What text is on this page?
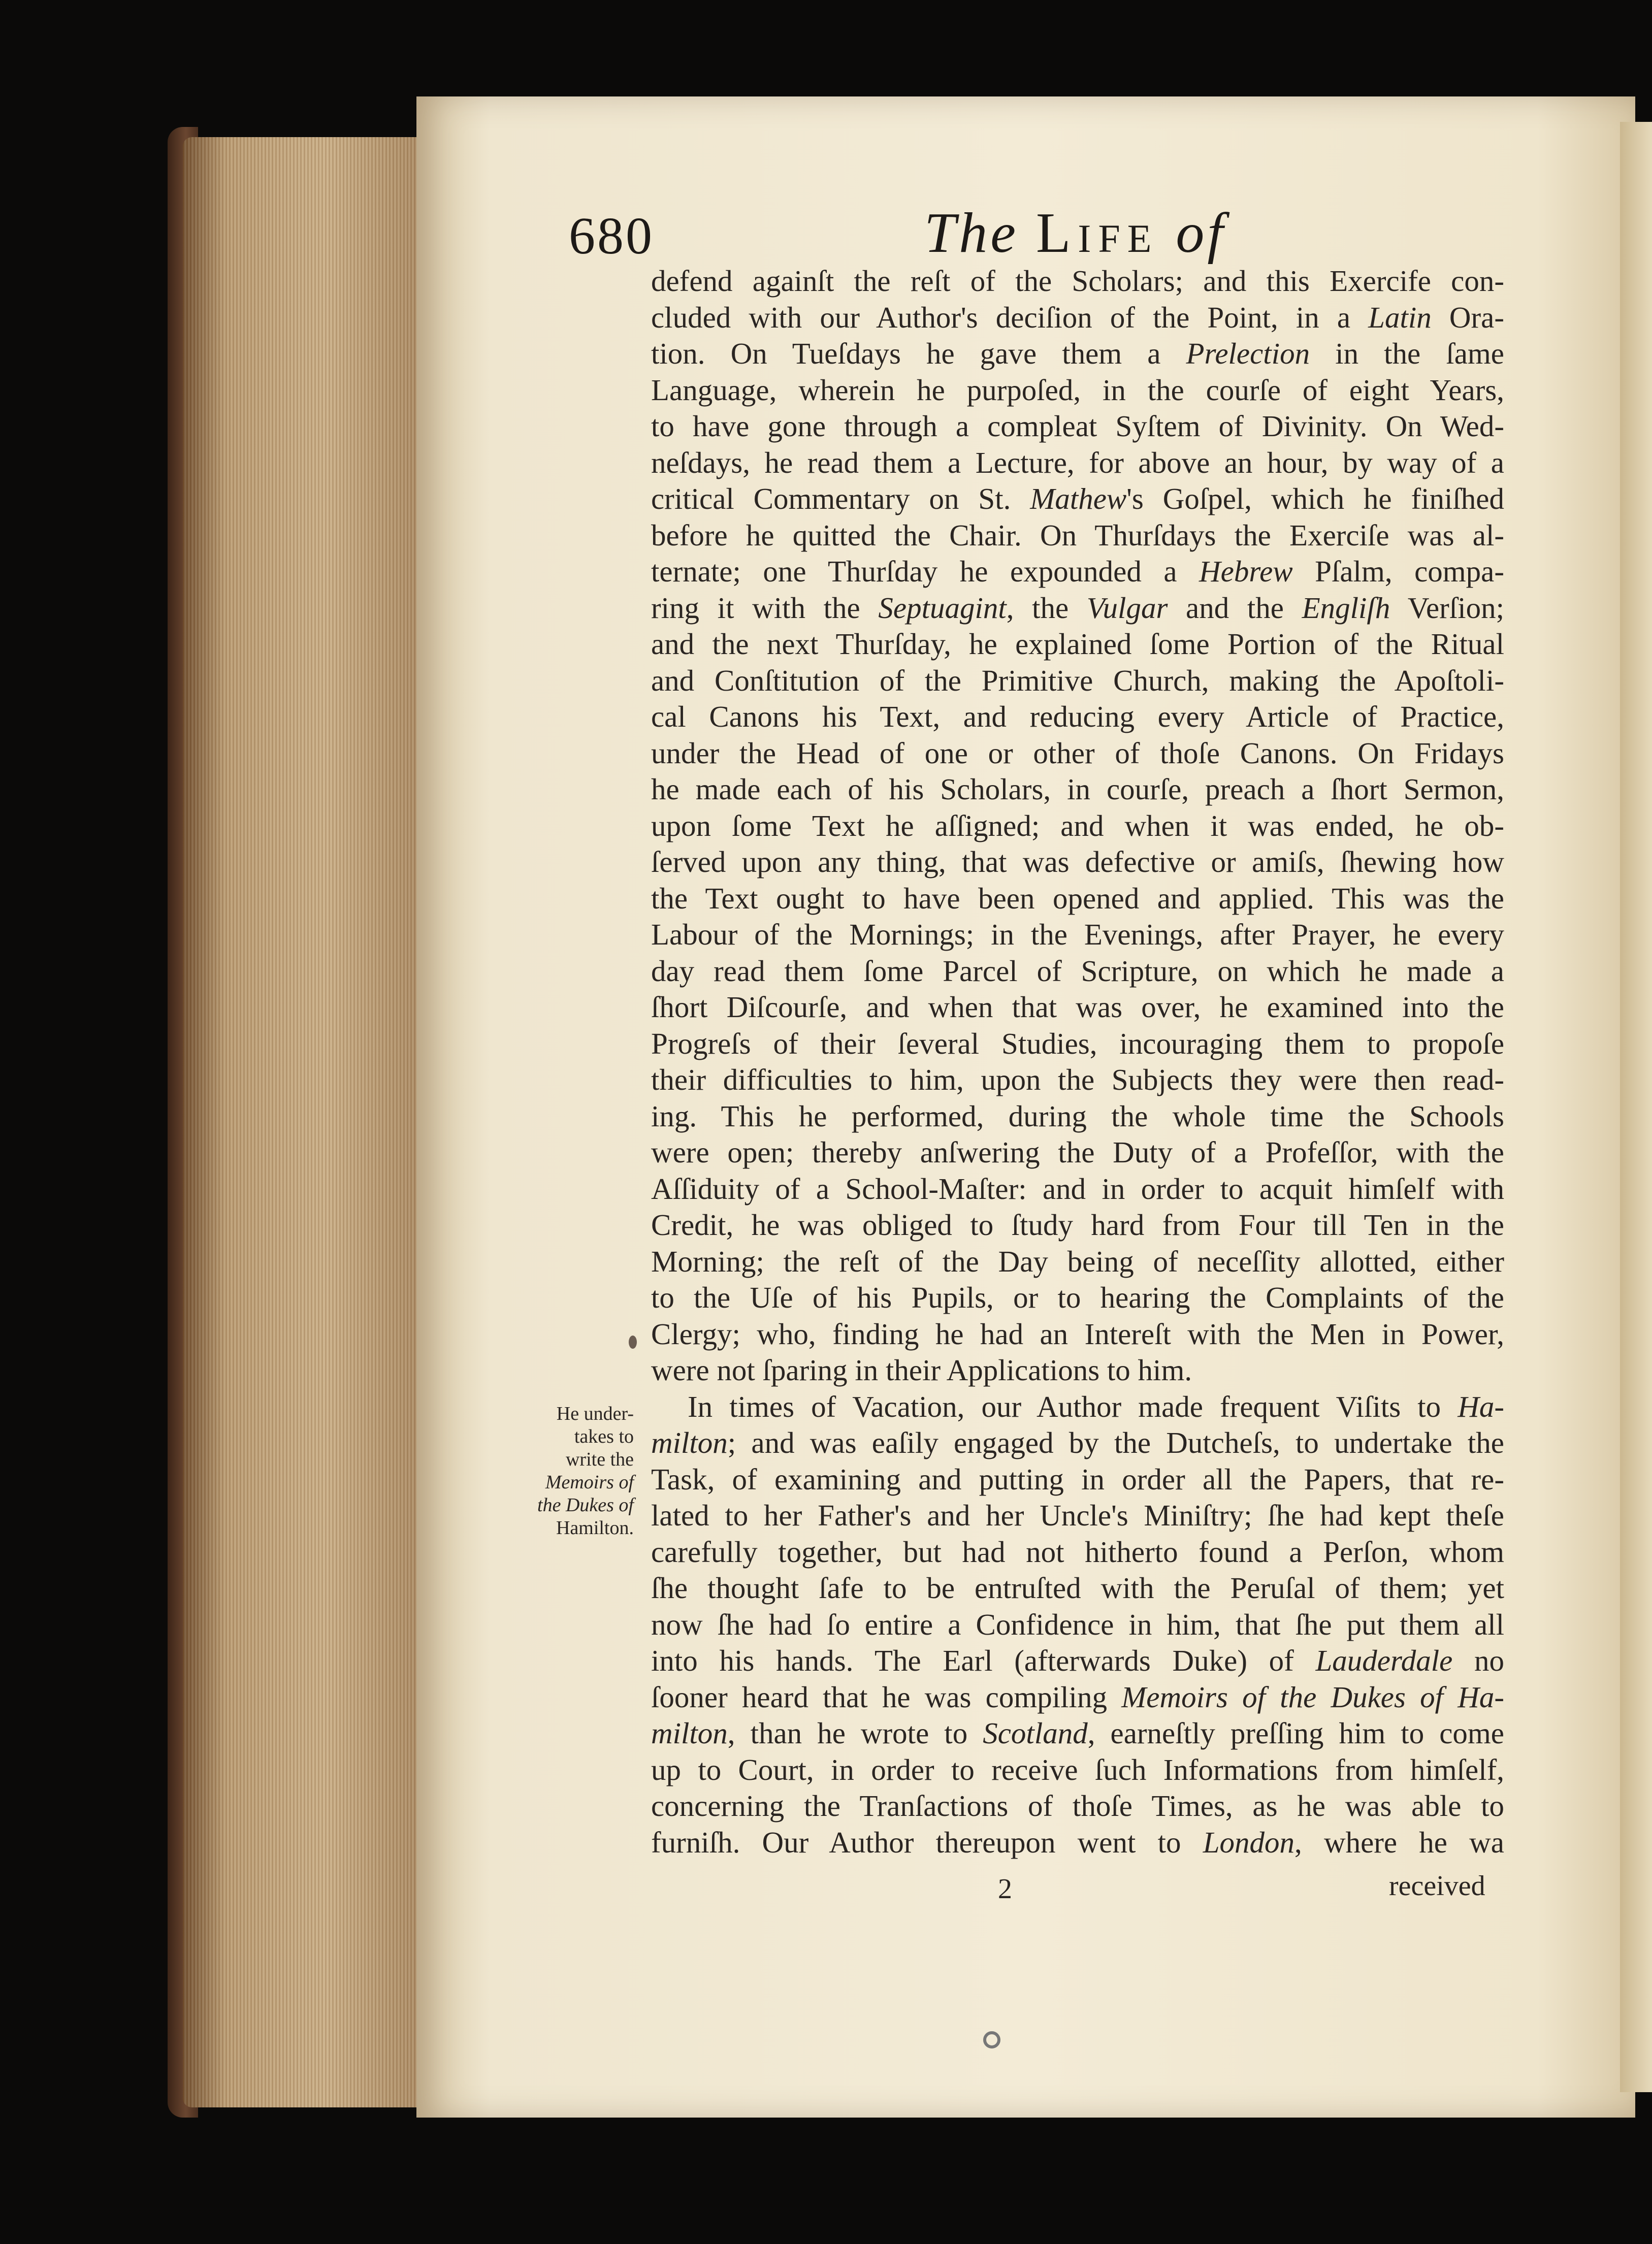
680	The Life of
defend againſt the reſt of the Scholars; and this Exercife con-
cluded with our Author's deciſion of the Point, in a Latin Ora-
tion. On Tueſdays he gave them a Prelection in the ſame
Language, wherein he purpoſed, in the courſe of eight Years,
to have gone through a compleat Syſtem of Divinity. On Wed-
neſdays, he read them a Lecture, for above an hour, by way of a
critical Commentary on St. Mathew's Goſpel, which he finiſhed
before he quitted the Chair. On Thurſdays the Exerciſe was al-
ternate; one Thurſday he expounded a Hebrew Pſalm, compa-
ring it with the Septuagint, the Vulgar and the Engliſh Verſion;
and the next Thurſday, he explained ſome Portion of the Ritual
and Conſtitution of the Primitive Church, making the Apoſtoli-
cal Canons his Text, and reducing every Article of Practice,
under the Head of one or other of thoſe Canons. On Fridays
he made each of his Scholars, in courſe, preach a ſhort Sermon,
upon ſome Text he aſſigned; and when it was ended, he ob-
ſerved upon any thing, that was defective or amiſs, ſhewing how
the Text ought to have been opened and applied. This was the
Labour of the Mornings; in the Evenings, after Prayer, he every
day read them ſome Parcel of Scripture, on which he made a
ſhort Diſcourſe, and when that was over, he examined into the
Progreſs of their ſeveral Studies, incouraging them to propoſe
their difficulties to him, upon the Subjects they were then read-
ing. This he performed, during the whole time the Schools
were open; thereby anſwering the Duty of a Profeſſor, with the
Aſſiduity of a School-Maſter: and in order to acquit himſelf with
Credit, he was obliged to ſtudy hard from Four till Ten in the
Morning; the reſt of the Day being of neceſſity allotted, either
to the Uſe of his Pupils, or to hearing the Complaints of the
Clergy; who, finding he had an Intereſt with the Men in Power,
were not ſparing in their Applications to him.
In times of Vacation, our Author made frequent Viſits to Ha-
milton; and was eaſily engaged by the Dutcheſs, to undertake the
Task, of examining and putting in order all the Papers, that re-
lated to her Father's and her Uncle's Miniſtry; ſhe had kept theſe
carefully together, but had not hitherto found a Perſon, whom
ſhe thought ſafe to be entruſted with the Peruſal of them; yet
now ſhe had ſo entire a Confidence in him, that ſhe put them all
into his hands. The Earl (afterwards Duke) of Lauderdale no
ſooner heard that he was compiling Memoirs of the Dukes of Ha-
milton, than he wrote to Scotland, earneſtly preſſing him to come
up to Court, in order to receive ſuch Informations from himſelf,
concerning the Tranſactions of thoſe Times, as he was able to
furniſh. Our Author thereupon went to London, where he wa
He under-
takes to
write the
Memoirs of
the Dukes of
Hamilton.
2	received
